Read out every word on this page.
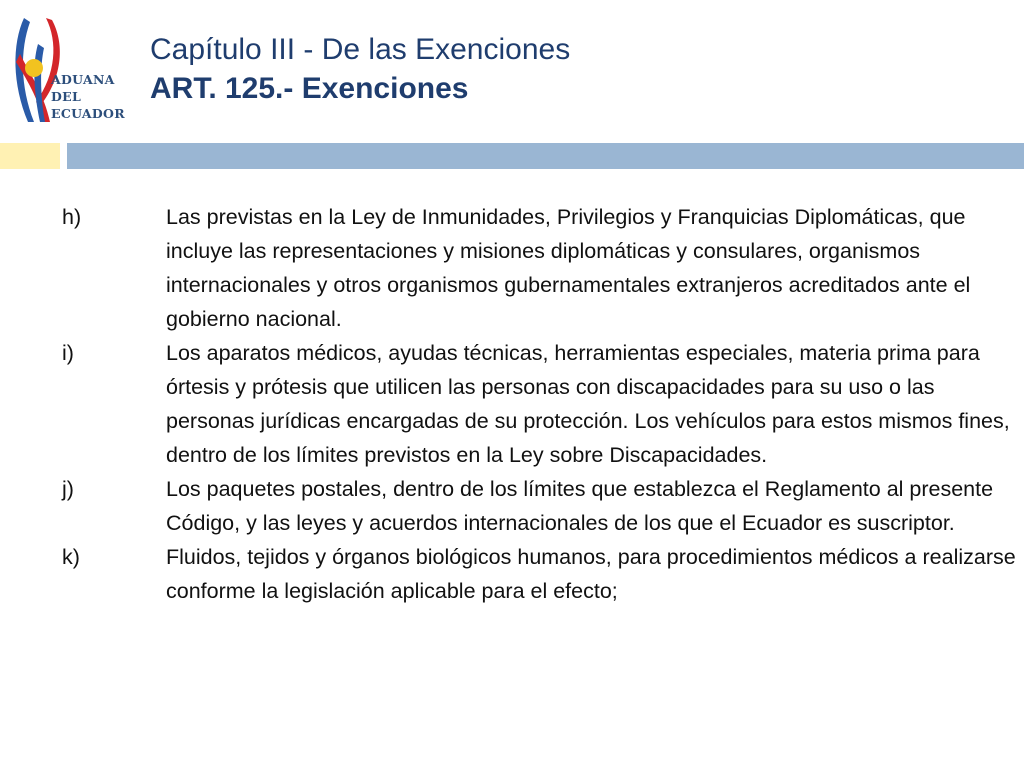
ADUANA
DEL
ECUADOR
Capítulo III - De las Exenciones
ART. 125.- Exenciones
h)	Las previstas en la Ley de Inmunidades, Privilegios y Franquicias Diplomáticas, que incluye las representaciones y misiones diplomáticas y consulares, organismos internacionales y otros organismos gubernamentales extranjeros acreditados ante el gobierno nacional.
i)	Los aparatos médicos, ayudas técnicas, herramientas especiales, materia prima para órtesis y prótesis que utilicen las personas con discapacidades para su uso o las personas jurídicas encargadas de su protección. Los vehículos para estos mismos fines, dentro de los límites previstos en la Ley sobre Discapacidades.
j)	Los paquetes postales, dentro de los límites que establezca el Reglamento al presente Código, y las leyes y acuerdos internacionales de los que el Ecuador es suscriptor.
k)	Fluidos, tejidos y órganos biológicos humanos, para procedimientos médicos a realizarse conforme la legislación aplicable para el efecto;
